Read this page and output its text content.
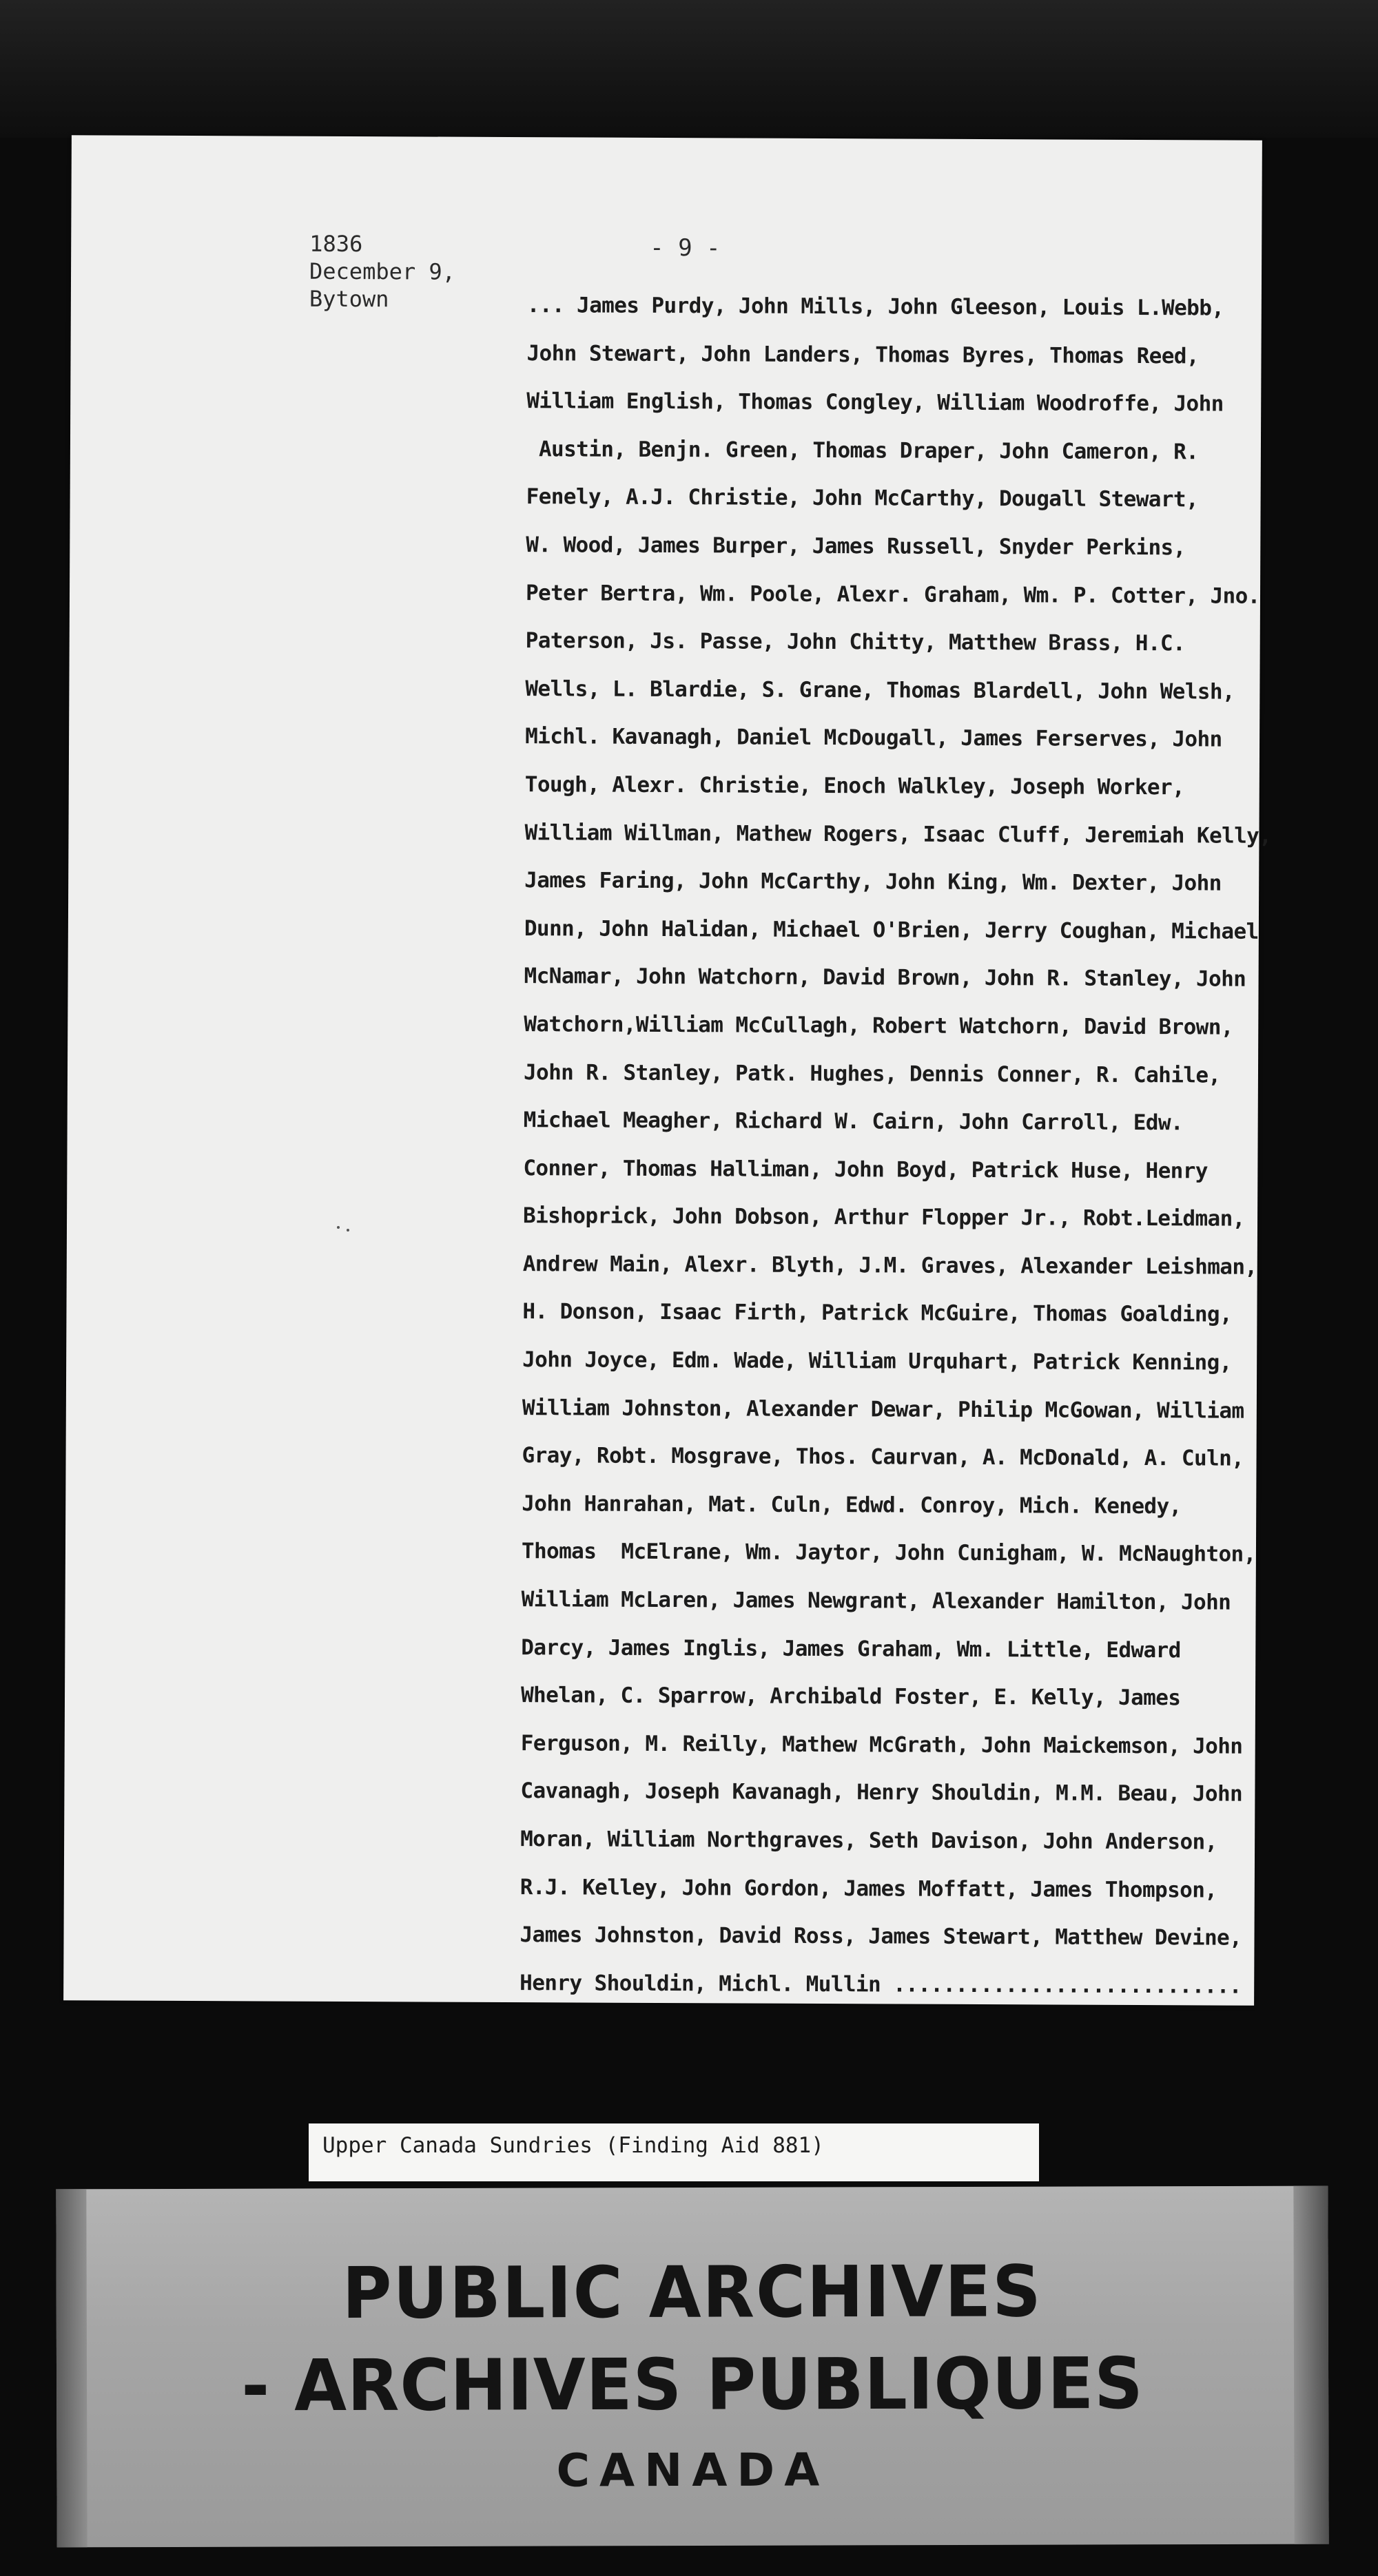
1836
December 9,
Bytown
- 9 -
... James Purdy, John Mills, John Gleeson, Louis L.Webb,
John Stewart, John Landers, Thomas Byres, Thomas Reed,
William English, Thomas Congley, William Woodroffe, John
Austin, Benjn. Green, Thomas Draper, John Cameron, R.
Fenely, A.J. Christie, John McCarthy, Dougall Stewart,
W. Wood, James Burper, James Russell, Snyder Perkins,
Peter Bertra, Wm. Poole, Alexr. Graham, Wm. P. Cotter, Jno.
Paterson, Js. Passe, John Chitty, Matthew Brass, H.C.
Wells, L. Blardie, S. Grane, Thomas Blardell, John Welsh,
Michl. Kavanagh, Daniel McDougall, James Ferserves, John
Tough, Alexr. Christie, Enoch Walkley, Joseph Worker,
William Willman, Mathew Rogers, Isaac Cluff, Jeremiah Kelly,
James Faring, John McCarthy, John King, Wm. Dexter, John
Dunn, John Halidan, Michael O'Brien, Jerry Coughan, Michael
McNamar, John Watchorn, David Brown, John R. Stanley, John
Watchorn,William McCullagh, Robert Watchorn, David Brown,
John R. Stanley, Patk. Hughes, Dennis Conner, R. Cahile,
Michael Meagher, Richard W. Cairn, John Carroll, Edw.
Conner, Thomas Halliman, John Boyd, Patrick Huse, Henry
Bishoprick, John Dobson, Arthur Flopper Jr., Robt.Leidman,
Andrew Main, Alexr. Blyth, J.M. Graves, Alexander Leishman,
H. Donson, Isaac Firth, Patrick McGuire, Thomas Goalding,
John Joyce, Edm. Wade, William Urquhart, Patrick Kenning,
William Johnston, Alexander Dewar, Philip McGowan, William
Gray, Robt. Mosgrave, Thos. Caurvan, A. McDonald, A. Culn,
John Hanrahan, Mat. Culn, Edwd. Conroy, Mich. Kenedy,
Thomas  McElrane, Wm. Jaytor, John Cunigham, W. McNaughton,
William McLaren, James Newgrant, Alexander Hamilton, John
Darcy, James Inglis, James Graham, Wm. Little, Edward
Whelan, C. Sparrow, Archibald Foster, E. Kelly, James
Ferguson, M. Reilly, Mathew McGrath, John Maickemson, John
Cavanagh, Joseph Kavanagh, Henry Shouldin, M.M. Beau, John
Moran, William Northgraves, Seth Davison, John Anderson,
R.J. Kelley, John Gordon, James Moffatt, James Thompson,
James Johnston, David Ross, James Stewart, Matthew Devine,
Henry Shouldin, Michl. Mullin ............................
Upper Canada Sundries (Finding Aid 881)
PUBLIC ARCHIVES
- ARCHIVES PUBLIQUES
CANADA
